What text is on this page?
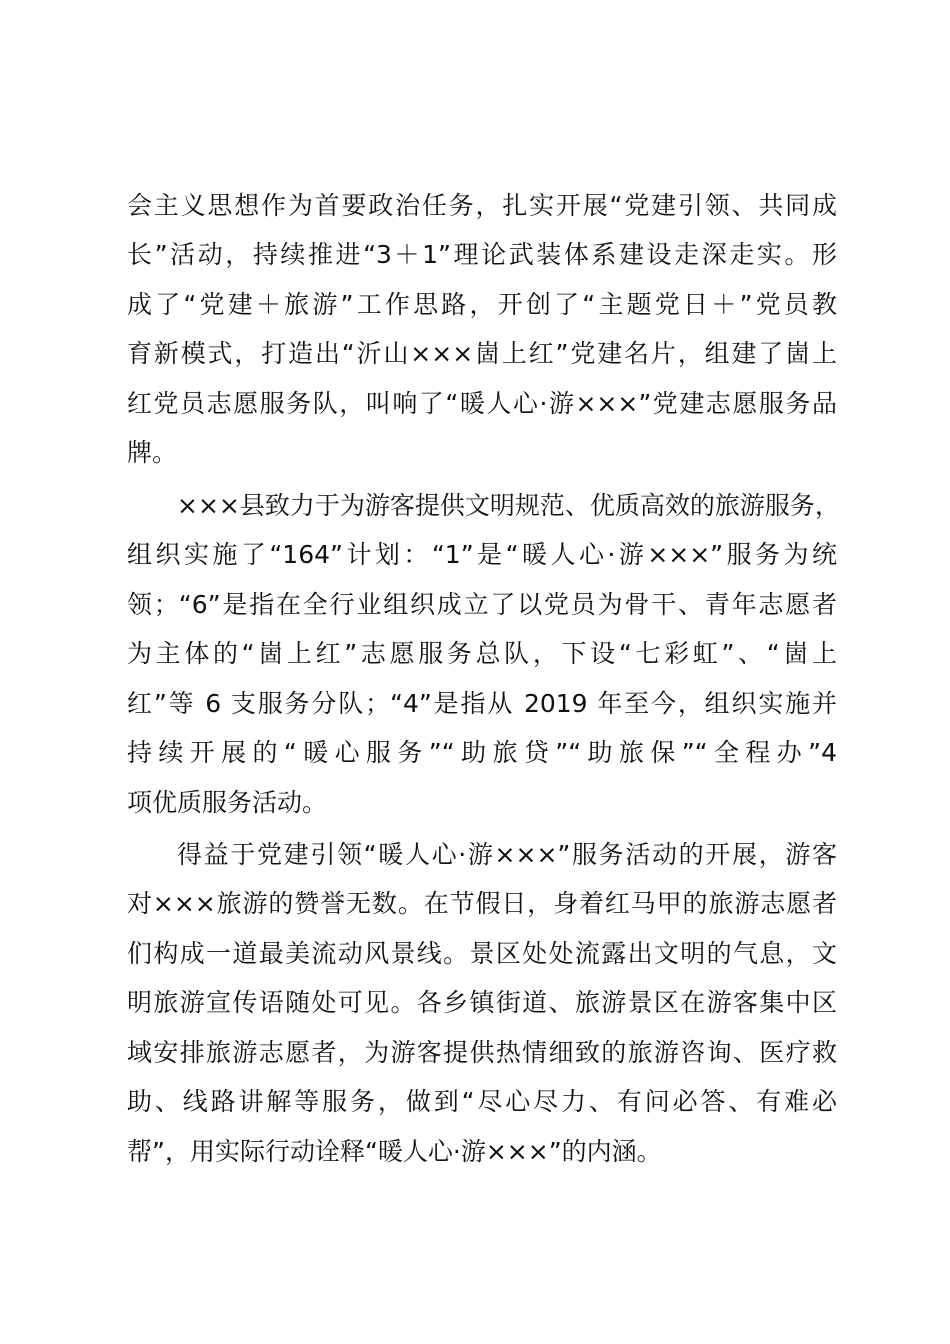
会主义思想作为首要政治任务，扎实开展“党建引领、共同成
长”活动，持续推进“3＋1”理论武装体系建设走深走实。形
成了“党建＋旅游”工作思路，开创了“主题党日＋”党员教
育新模式，打造出“沂山×××崮上红”党建名片，组建了崮上
红党员志愿服务队，叫响了“暖人心·游×××”党建志愿服务品
牌。
×××县致力于为游客提供文明规范、优质高效的旅游服务，
组织实施了“164”计划：“1”是“暖人心·游×××”服务为统
领；“6”是指在全行业组织成立了以党员为骨干、青年志愿者
为主体的“崮上红”志愿服务总队，下设“七彩虹”、“崮上
红”等 6 支服务分队；“4”是指从 2019 年至今，组织实施并
持续开展的“暖心服务”“助旅贷”“助旅保”“全程办”4
项优质服务活动。
得益于党建引领“暖人心·游×××”服务活动的开展，游客
对×××旅游的赞誉无数。在节假日，身着红马甲的旅游志愿者
们构成一道最美流动风景线。景区处处流露出文明的气息，文
明旅游宣传语随处可见。各乡镇街道、旅游景区在游客集中区
域安排旅游志愿者，为游客提供热情细致的旅游咨询、医疗救
助、线路讲解等服务，做到“尽心尽力、有问必答、有难必
帮”，用实际行动诠释“暖人心·游×××”的内涵。
